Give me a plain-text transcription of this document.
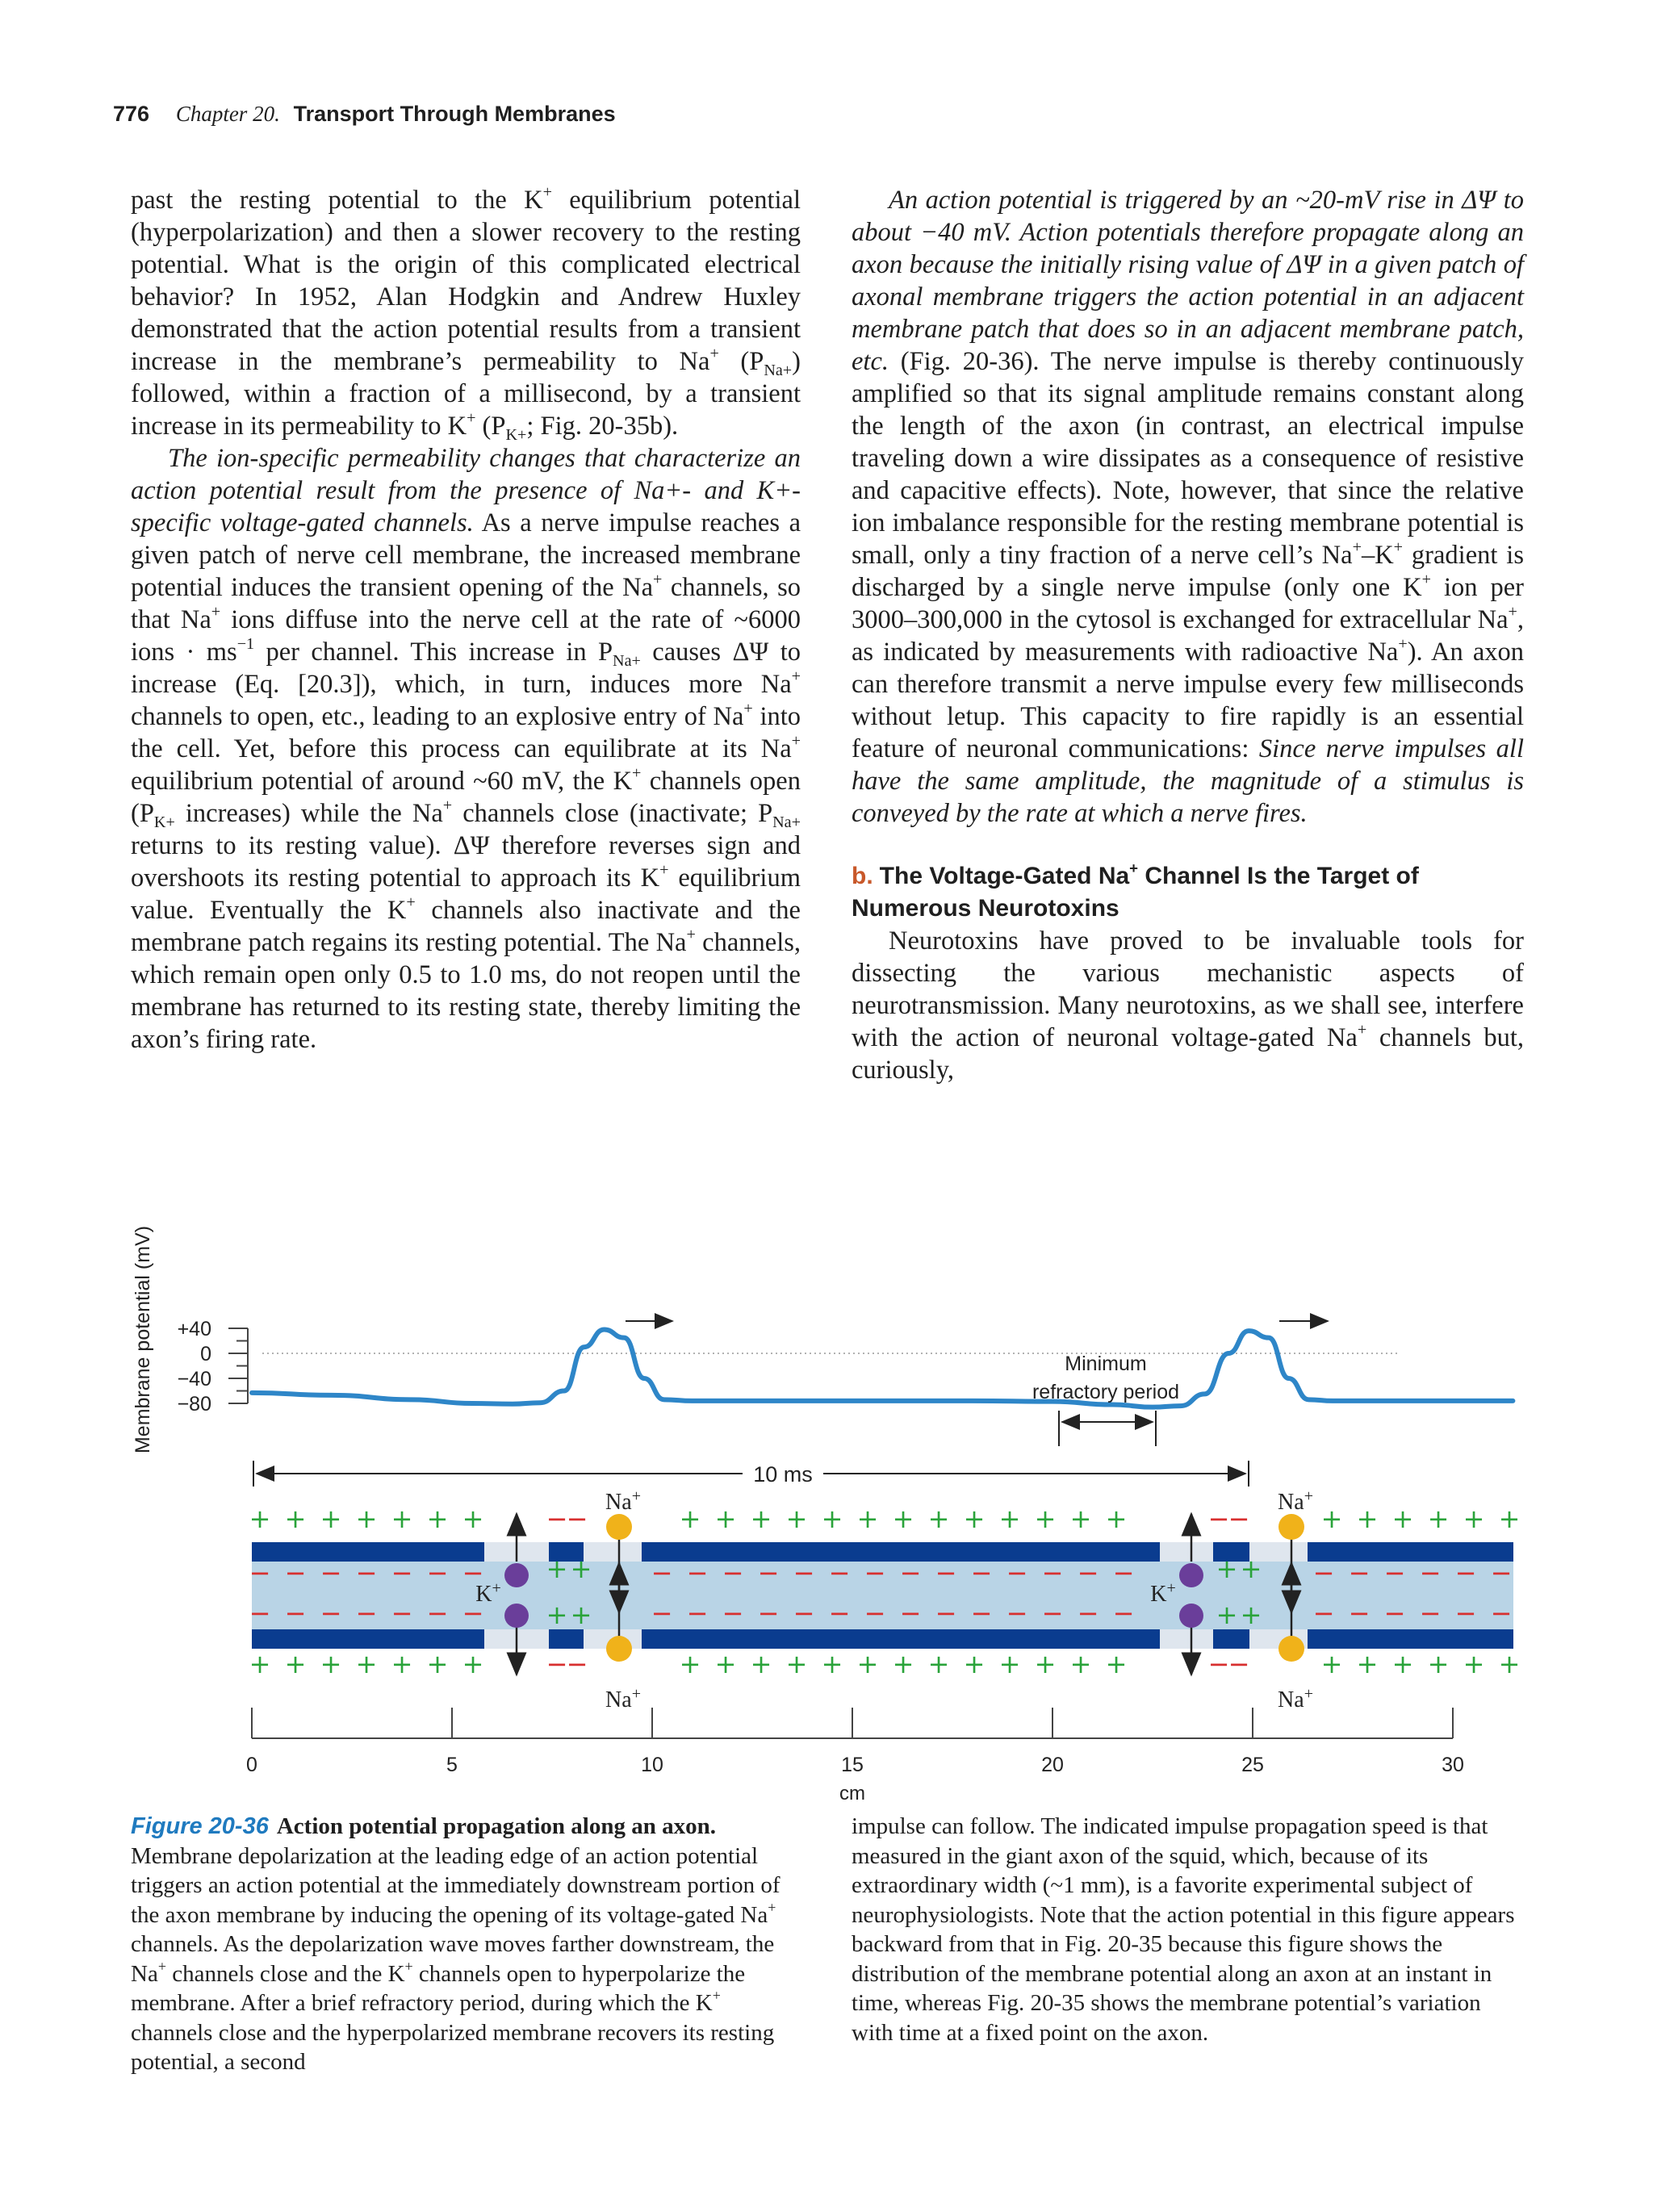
776 Chapter 20. Transport Through Membranes

past the resting potential to the K+ equilibrium potential (hyperpolarization) and then a slower recovery to the resting potential. What is the origin of this complicated electrical behavior? In 1952, Alan Hodgkin and Andrew Huxley demonstrated that the action potential results from a transient increase in the membrane’s permeability to Na+ $(P_{Na+})$ followed, within a fraction of a millisecond, by a transient increase in its permeability to K+ ($P_{K+}$; Fig. 20-35b).

The ion-specific permeability changes that characterize an action potential result from the presence of Na+- and K+-specific voltage-gated channels. As a nerve impulse reaches a given patch of nerve cell membrane, the increased membrane potential induces the transient opening of the Na+ channels, so that Na+ ions diffuse into the nerve cell at the rate of ~6000 ions · $ms^{-1}$ per channel. This increase in $P_{Na+}$ causes ΔΨ to increase (Eq. [20.3]), which, in turn, induces more Na+ channels to open, etc., leading to an explosive entry of Na+ into the cell. Yet, before this process can equilibrate at its Na+ equilibrium potential of around ~60 mV, the K+ channels open ($P_{K+}$ increases) while the Na+ channels close (inactivate; $P_{Na+}$ returns to its resting value). ΔΨ therefore reverses sign and overshoots its resting potential to approach its K+ equilibrium value. Eventually the K+ channels also inactivate and the membrane patch regains its resting potential. The Na+ channels, which remain open only 0.5 to 1.0 ms, do not reopen until the membrane has returned to its resting state, thereby limiting the axon’s firing rate.

An action potential is triggered by an ~20-mV rise in ΔΨ to about −40 mV. Action potentials therefore propagate along an axon because the initially rising value of ΔΨ in a given patch of axonal membrane triggers the action potential in an adjacent membrane patch that does so in an adjacent membrane patch, etc. (Fig. 20-36). The nerve impulse is thereby continuously amplified so that its signal amplitude remains constant along the length of the axon (in contrast, an electrical impulse traveling down a wire dissipates as a consequence of resistive and capacitive effects). Note, however, that since the relative ion imbalance responsible for the resting membrane potential is small, only a tiny fraction of a nerve cell’s Na+–K+ gradient is discharged by a single nerve impulse (only one K+ ion per 3000–300,000 in the cytosol is exchanged for extracellular Na+, as indicated by measurements with radioactive Na+). An axon can therefore transmit a nerve impulse every few milliseconds without letup. This capacity to fire rapidly is an essential feature of neuronal communications: Since nerve impulses all have the same amplitude, the magnitude of a stimulus is conveyed by the rate at which a nerve fires.

b. The Voltage-Gated Na+ Channel Is the Target of Numerous Neurotoxins

Neurotoxins have proved to be invaluable tools for dissecting the various mechanistic aspects of neurotransmission. Many neurotoxins, as we shall see, interfere with the action of neuronal voltage-gated Na+ channels but, curiously,

Membrane potential (mV) +40
0
−40
−80
Minimum
refractory period
10 ms
+ + + + + + +	+ + + + + + + + + + + + +	+ + + + + +
+ + + + + + +	+ + + + + + + + + + + + +	+ + + + + +
−
−	−
−
−
−	−
−
− − − − − − −	− − − − − − − − − − − − − −	− − − − − −
− − − − − − −	− − − − − − − − − − − − − −	− − − − − −
+ +	+ +
+ +	+ +
K+	K+
Na+
Na+
Na+
Na+
0	5	10	15	20	25	30
cm

Figure 20-36 Action potential propagation along an axon. Membrane depolarization at the leading edge of an action potential triggers an action potential at the immediately downstream portion of the axon membrane by inducing the opening of its voltage-gated Na+ channels. As the depolarization wave moves farther downstream, the Na+ channels close and the K+ channels open to hyperpolarize the membrane. After a brief refractory period, during which the K+ channels close and the hyperpolarized membrane recovers its resting potential, a second

impulse can follow. The indicated impulse propagation speed is that measured in the giant axon of the squid, which, because of its extraordinary width (~1 mm), is a favorite experimental subject of neurophysiologists. Note that the action potential in this figure appears backward from that in Fig. 20-35 because this figure shows the distribution of the membrane potential along an axon at an instant in time, whereas Fig. 20-35 shows the membrane potential’s variation with time at a fixed point on the axon.
